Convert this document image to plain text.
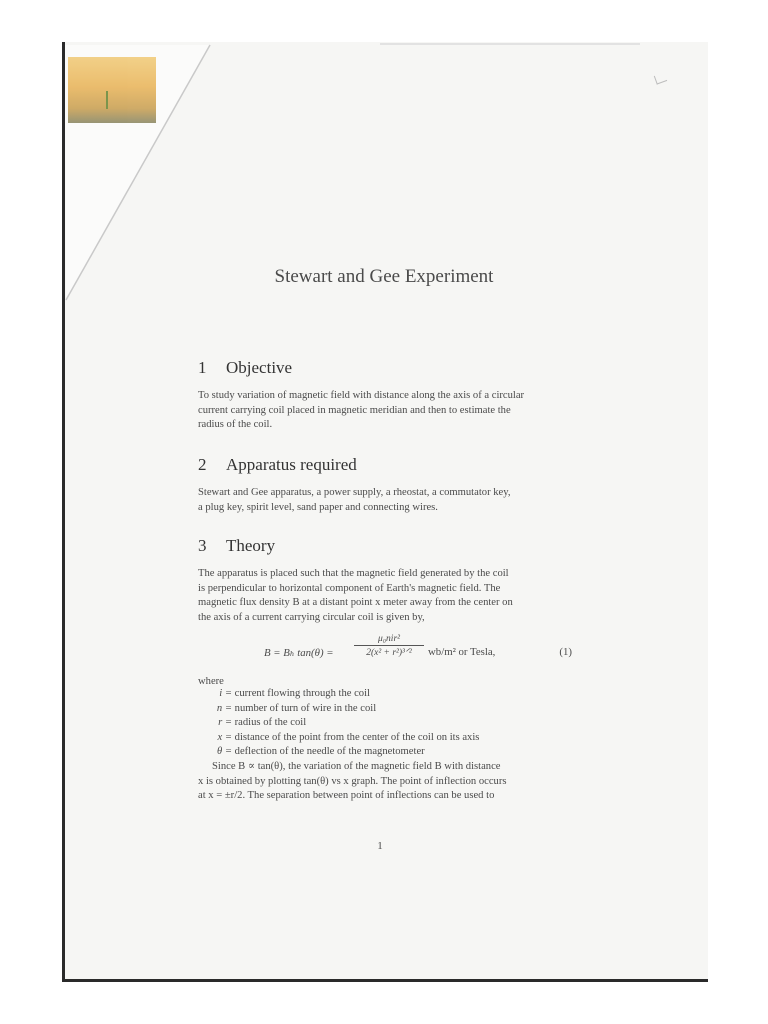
Stewart and Gee Experiment
1 Objective
To study variation of magnetic field with distance along the axis of a circular
current carrying coil placed in magnetic meridian and then to estimate the
radius of the coil.
2 Apparatus required
Stewart and Gee apparatus, a power supply, a rheostat, a commutator key,
a plug key, spirit level, sand paper and connecting wires.
3 Theory
The apparatus is placed such that the magnetic field generated by the coil
is perpendicular to horizontal component of Earth's magnetic field. The
magnetic flux density B at a distant point x meter away from the center on
the axis of a current carrying circular coil is given by,
B = Bₕ tan(θ) =
μ₀nir²
2(x² + r²)³ᐟ²	wb/m² or Tesla,	(1)
where
i = current flowing through the coil
n = number of turn of wire in the coil
r = radius of the coil
x = distance of the point from the center of the coil on its axis
θ = deflection of the needle of the magnetometer
Since B ∝ tan(θ), the variation of the magnetic field B with distance
x is obtained by plotting tan(θ) vs x graph. The point of inflection occurs
at x = ±r/2. The separation between point of inflections can be used to
1
